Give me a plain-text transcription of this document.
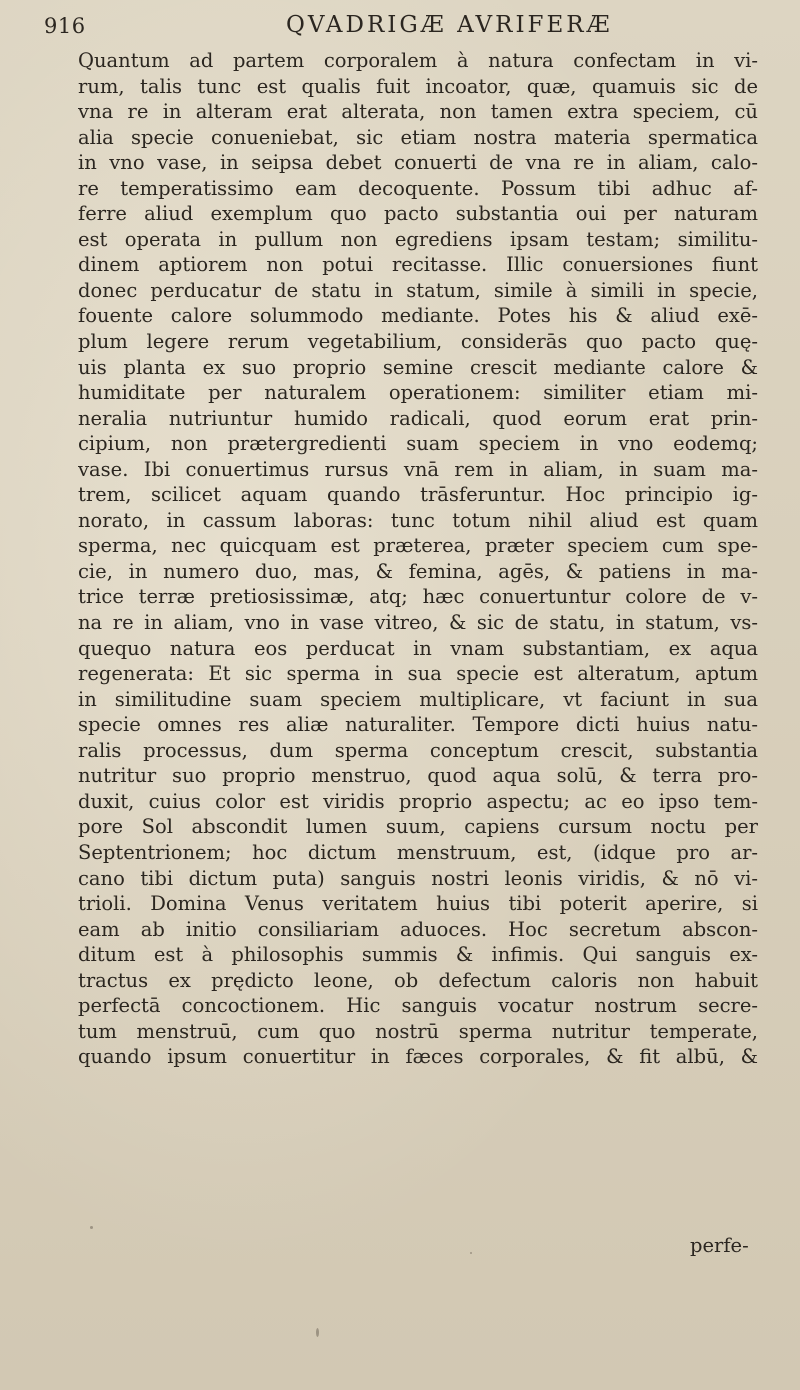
916	QVADRIGÆ AVRIFERÆ
Quantum ad partem corporalem à natura confectam in vi-
rum, talis tunc est qualis fuit incoator, quæ, quamuis sic de
vna re in alteram erat alterata, non tamen extra speciem, cū
alia specie conueniebat, sic etiam nostra materia spermatica
in vno vase, in seipsa debet conuerti de vna re in aliam, calo-
re temperatissimo eam decoquente. Possum tibi adhuc af-
ferre aliud exemplum quo pacto substantia oui per naturam
est operata in pullum non egrediens ipsam testam; similitu-
dinem aptiorem non potui recitasse. Illic conuersiones fiunt
donec perducatur de statu in statum, simile à simili in specie,
fouente calore solummodo mediante. Potes his & aliud exē-
plum legere rerum vegetabilium, considerās quo pacto quę-
uis planta ex suo proprio semine crescit mediante calore &
humiditate per naturalem operationem: similiter etiam mi-
neralia nutriuntur humido radicali, quod eorum erat prin-
cipium, non prætergredienti suam speciem in vno eodemq;
vase. Ibi conuertimus rursus vnā rem in aliam, in suam ma-
trem, scilicet aquam quando trāsferuntur. Hoc principio ig-
norato, in cassum laboras: tunc totum nihil aliud est quam
sperma, nec quicquam est præterea, præter speciem cum spe-
cie, in numero duo, mas, & femina, agēs, & patiens in ma-
trice terræ pretiosissimæ, atq; hæc conuertuntur colore de v-
na re in aliam, vno in vase vitreo, & sic de statu, in statum, vs-
quequo natura eos perducat in vnam substantiam, ex aqua
regenerata: Et sic sperma in sua specie est alteratum, aptum
in similitudine suam speciem multiplicare, vt faciunt in sua
specie omnes res aliæ naturaliter. Tempore dicti huius natu-
ralis processus, dum sperma conceptum crescit, substantia
nutritur suo proprio menstruo, quod aqua solū, & terra pro-
duxit, cuius color est viridis proprio aspectu; ac eo ipso tem-
pore Sol abscondit lumen suum, capiens cursum noctu per
Septentrionem; hoc dictum menstruum, est, (idque pro ar-
cano tibi dictum puta) sanguis nostri leonis viridis, & nō vi-
trioli. Domina Venus veritatem huius tibi poterit aperire, si
eam ab initio consiliariam aduoces. Hoc secretum abscon-
ditum est à philosophis summis & infimis. Qui sanguis ex-
tractus ex prędicto leone, ob defectum caloris non habuit
perfectā concoctionem. Hic sanguis vocatur nostrum secre-
tum menstruū, cum quo nostrū sperma nutritur temperate,
quando ipsum conuertitur in fæces corporales, & fit albū, &
perfe-
